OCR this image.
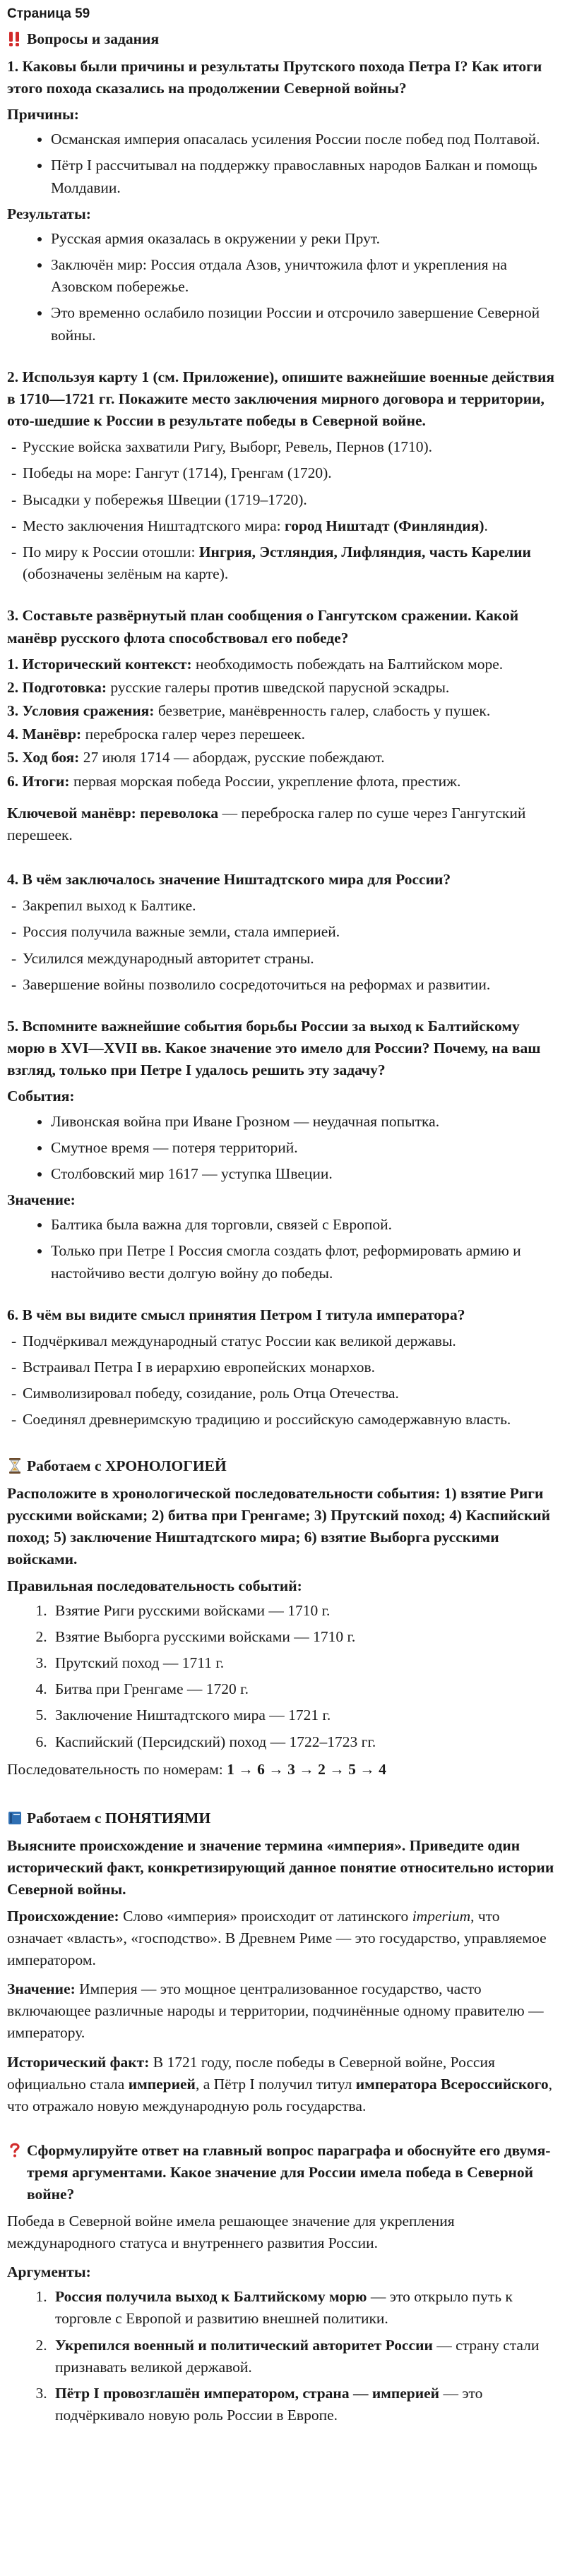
Страница 59
Вопросы и задания
1. Каковы были причины и результаты Прутского похода Петра I? Как итоги этого похода сказались на продолжении Северной войны?
Причины:
• Османская империя опасалась усиления России после побед под Полтавой.
• Пётр I рассчитывал на поддержку православных народов Балкан и помощь Молдавии.
Результаты:
• Русская армия оказалась в окружении у реки Прут.
• Заключён мир: Россия отдала Азов, уничтожила флот и укрепления на Азовском побережье.
• Это временно ослабило позиции России и отсрочило завершение Северной войны.
2. Используя карту 1 (см. Приложение), опишите важнейшие военные действия в 1710—1721 гг. Покажите место заключения мирного договора и территории, ото-шедшие к России в результате победы в Северной войне.
- Русские войска захватили Ригу, Выборг, Ревель, Пернов (1710).
- Победы на море: Гангут (1714), Гренгам (1720).
- Высадки у побережья Швеции (1719–1720).
- Место заключения Ништадтского мира: город Ништадт (Финляндия).
- По миру к России отошли: Ингрия, Эстляндия, Лифляндия, часть Карелии (обозначены зелёным на карте).
3. Составьте развёрнутый план сообщения о Гангутском сражении. Какой манёвр русского флота способствовал его победе?
1. Исторический контекст: необходимость побеждать на Балтийском море.
2. Подготовка: русские галеры против шведской парусной эскадры.
3. Условия сражения: безветрие, манёвренность галер, слабость у пушек.
4. Манёвр: переброска галер через перешеек.
5. Ход боя: 27 июля 1714 — абордаж, русские побеждают.
6. Итоги: первая морская победа России, укрепление флота, престиж.
Ключевой манёвр: переволока — переброска галер по суше через Гангутский перешеек.
4. В чём заключалось значение Ништадтского мира для России?
- Закрепил выход к Балтике.
- Россия получила важные земли, стала империей.
- Усилился международный авторитет страны.
- Завершение войны позволило сосредоточиться на реформах и развитии.
5. Вспомните важнейшие события борьбы России за выход к Балтийскому морю в XVI—XVII вв. Какое значение это имело для России? Почему, на ваш взгляд, только при Петре I удалось решить эту задачу?
События:
• Ливонская война при Иване Грозном — неудачная попытка.
• Смутное время — потеря территорий.
• Столбовский мир 1617 — уступка Швеции.
Значение:
• Балтика была важна для торговли, связей с Европой.
• Только при Петре I Россия смогла создать флот, реформировать армию и настойчиво вести долгую войну до победы.
6. В чём вы видите смысл принятия Петром I титула императора?
- Подчёркивал международный статус России как великой державы.
- Встраивал Петра I в иерархию европейских монархов.
- Символизировал победу, созидание, роль Отца Отечества.
- Соединял древнеримскую традицию и российскую самодержавную власть.
Работаем с ХРОНОЛОГИЕЙ
Расположите в хронологической последовательности события: 1) взятие Риги русскими войсками; 2) битва при Гренгаме; 3) Прутский поход; 4) Каспийский поход; 5) заключение Ништадтского мира; 6) взятие Выборга русскими войсками.
Правильная последовательность событий:
1. Взятие Риги русскими войсками — 1710 г.
2. Взятие Выборга русскими войсками — 1710 г.
3. Прутский поход — 1711 г.
4. Битва при Гренгаме — 1720 г.
5. Заключение Ништадтского мира — 1721 г.
6. Каспийский (Персидский) поход — 1722–1723 гг.
Последовательность по номерам: 1 → 6 → 3 → 2 → 5 → 4
Работаем с ПОНЯТИЯМИ
Выясните происхождение и значение термина «империя». Приведите один исторический факт, конкретизирующий данное понятие относительно истории Северной войны.
Происхождение: Слово «империя» происходит от латинского imperium, что означает «власть», «господство». В Древнем Риме — это государство, управляемое императором.
Значение: Империя — это мощное централизованное государство, часто включающее различные народы и территории, подчинённые одному правителю — императору.
Исторический факт: В 1721 году, после победы в Северной войне, Россия официально стала империей, а Пётр I получил титул императора Всероссийского, что отражало новую международную роль государства.
Сформулируйте ответ на главный вопрос параграфа и обоснуйте его двумя-тремя аргументами. Какое значение для России имела победа в Северной войне?
Победа в Северной войне имела решающее значение для укрепления международного статуса и внутреннего развития России.
Аргументы:
1. Россия получила выход к Балтийскому морю — это открыло путь к торговле с Европой и развитию внешней политики.
2. Укрепился военный и политический авторитет России — страну стали признавать великой державой.
3. Пётр I провозглашён императором, страна — империей — это подчёркивало новую роль России в Европе.
